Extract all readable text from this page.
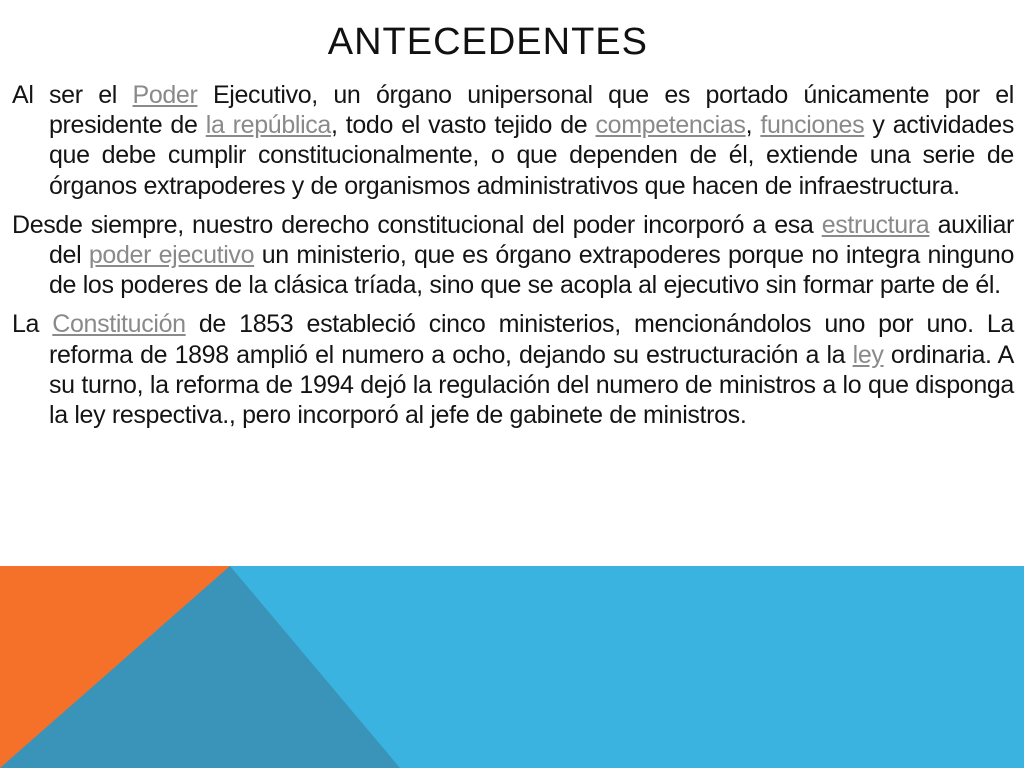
ANTECEDENTES

Al ser el Poder Ejecutivo, un órgano unipersonal que es portado únicamente por el presidente de la república, todo el vasto tejido de competencias, funciones y actividades que debe cumplir constitucionalmente, o que dependen de él, extiende una serie de órganos extrapoderes y de organismos administrativos que hacen de infraestructura.

Desde siempre, nuestro derecho constitucional del poder incorporó a esa estructura auxiliar del poder ejecutivo un ministerio, que es órgano extrapoderes porque no integra ninguno de los poderes de la clásica tríada, sino que se acopla al ejecutivo sin formar parte de él.

La Constitución de 1853 estableció cinco ministerios, mencionándolos uno por uno. La reforma de 1898 amplió el numero a ocho, dejando su estructuración a la ley ordinaria. A su turno, la reforma de 1994 dejó la regulación del numero de ministros a lo que disponga la ley respectiva., pero incorporó al jefe de gabinete de ministros.
